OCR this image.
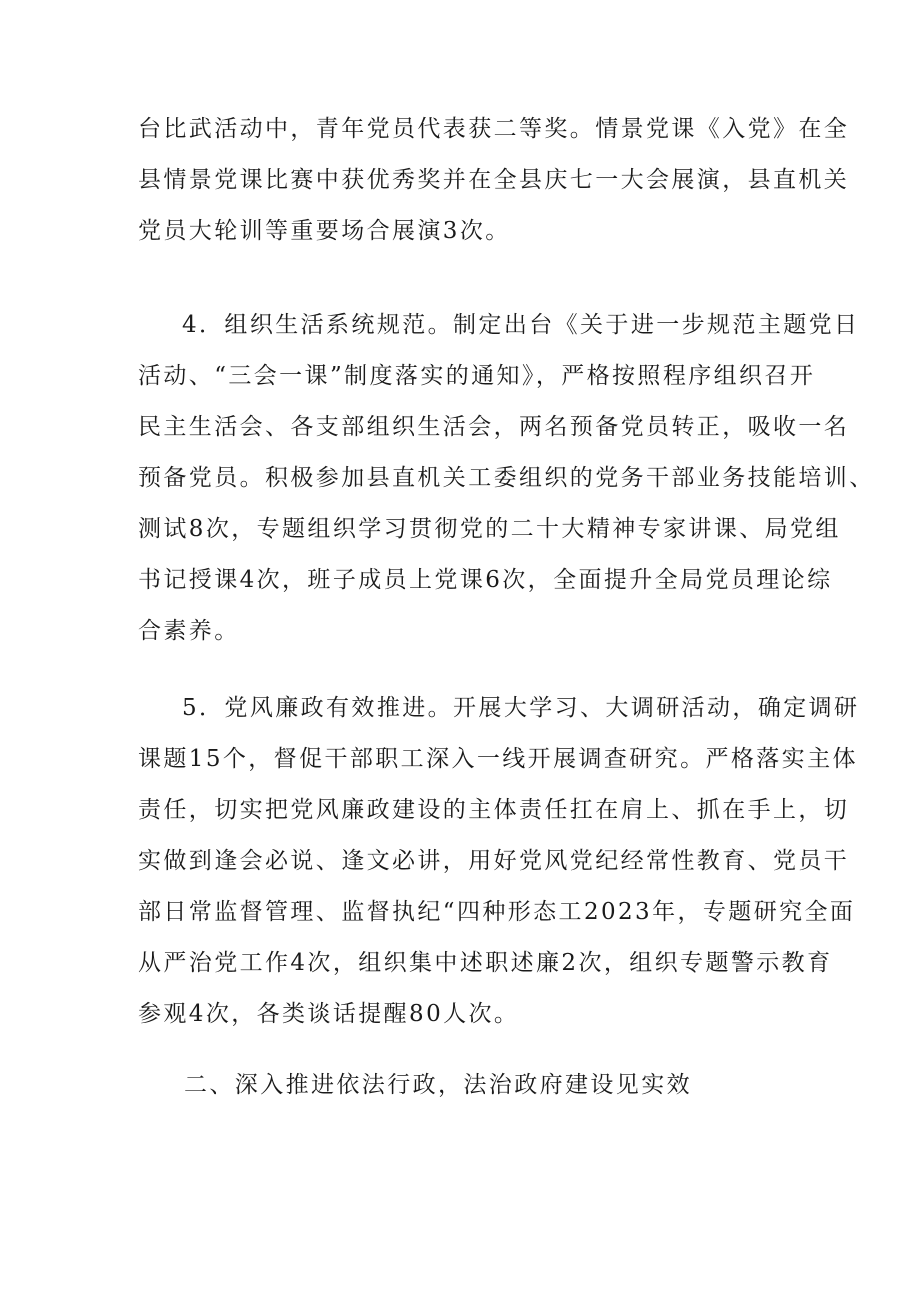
台比武活动中，青年党员代表获二等奖。情景党课《入党》在全
县情景党课比赛中获优秀奖并在全县庆七一大会展演，县直机关
党员大轮训等重要场合展演3次。
4．组织生活系统规范。制定出台《关于进一步规范主题党日
活动、“三会一课”制度落实的通知》，严格按照程序组织召开
民主生活会、各支部组织生活会，两名预备党员转正，吸收一名
预备党员。积极参加县直机关工委组织的党务干部业务技能培训、
测试8次，专题组织学习贯彻党的二十大精神专家讲课、局党组
书记授课4次，班子成员上党课6次，全面提升全局党员理论综
合素养。
5．党风廉政有效推进。开展大学习、大调研活动，确定调研
课题15个，督促干部职工深入一线开展调查研究。严格落实主体
责任，切实把党风廉政建设的主体责任扛在肩上、抓在手上，切
实做到逢会必说、逢文必讲，用好党风党纪经常性教育、党员干
部日常监督管理、监督执纪“四种形态工2023年，专题研究全面
从严治党工作4次，组织集中述职述廉2次，组织专题警示教育
参观4次，各类谈话提醒80人次。
二、深入推进依法行政，法治政府建设见实效
